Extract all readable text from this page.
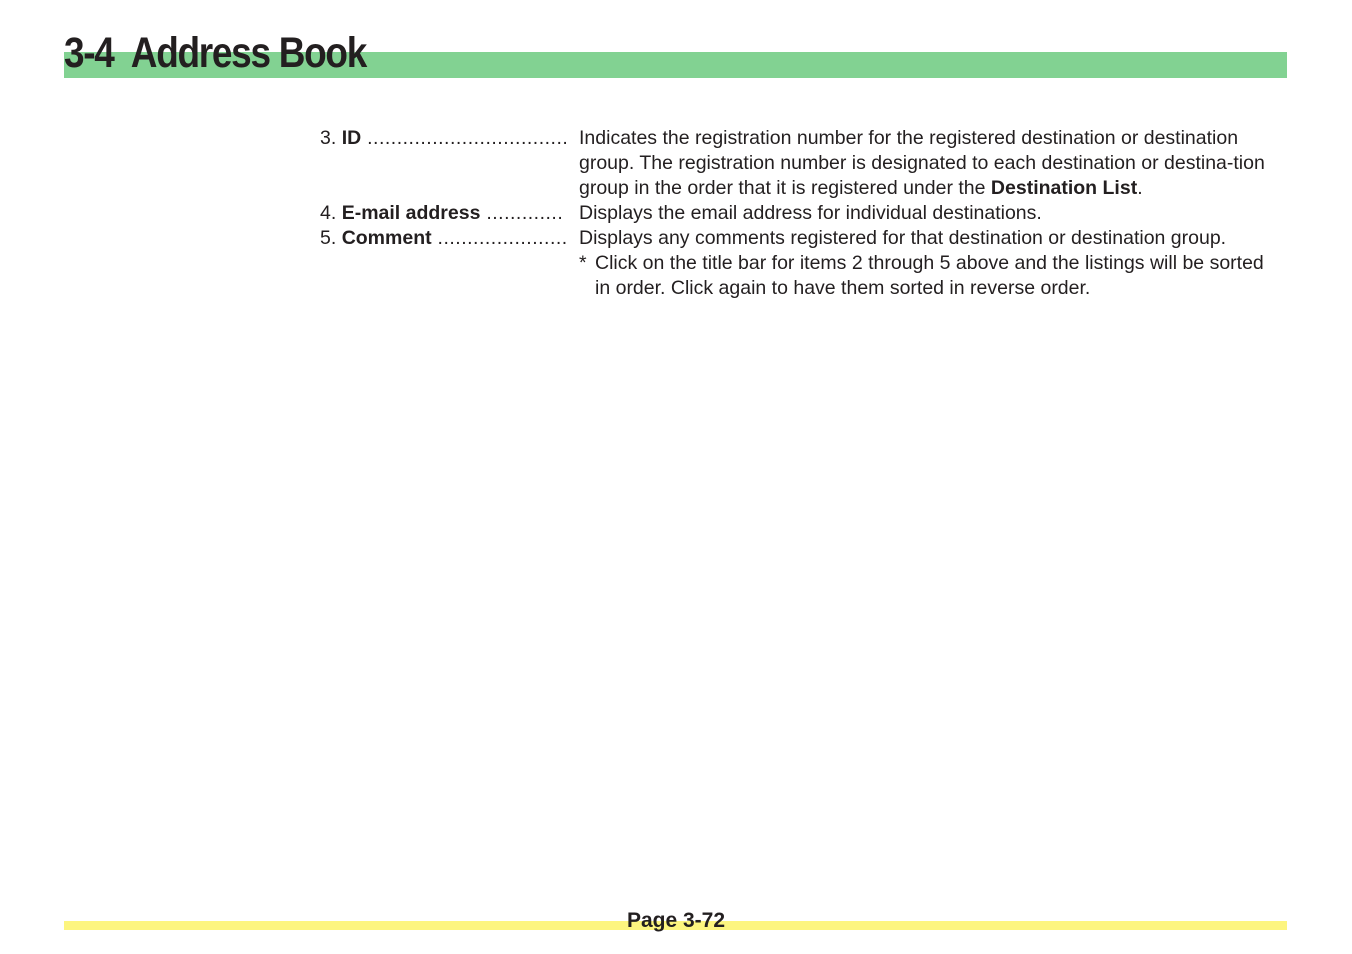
3-4 Address Book
3. ID .................................. Indicates the registration number for the registered destination or destination group. The registration number is designated to each destination or destina-tion group in the order that it is registered under the Destination List.
4. E-mail address ............. Displays the email address for individual destinations.
5. Comment ...................... Displays any comments registered for that destination or destination group.
* Click on the title bar for items 2 through 5 above and the listings will be sorted in order. Click again to have them sorted in reverse order.
Page 3-72
